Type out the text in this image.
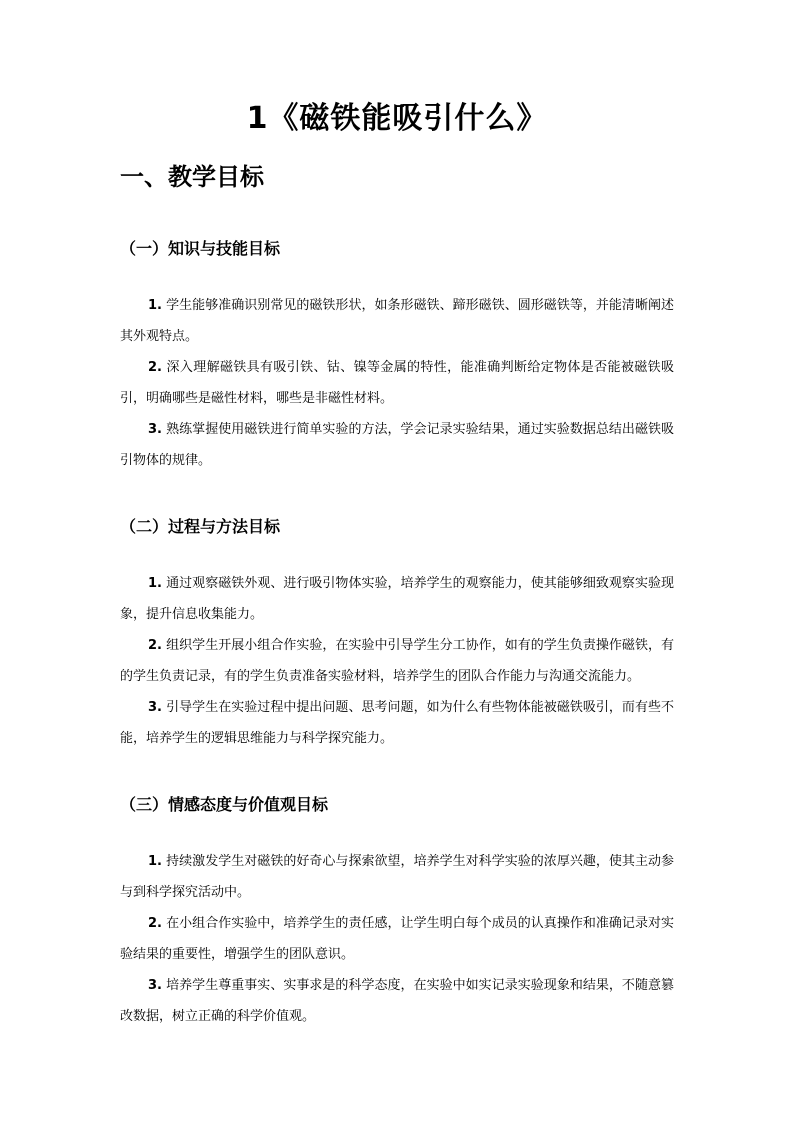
1《磁铁能吸引什么》
一、教学目标
（一）知识与技能目标

1. 学生能够准确识别常见的磁铁形状，如条形磁铁、蹄形磁铁、圆形磁铁等，并能清晰阐述其外观特点。

2. 深入理解磁铁具有吸引铁、钴、镍等金属的特性，能准确判断给定物体是否能被磁铁吸引，明确哪些是磁性材料，哪些是非磁性材料。

3. 熟练掌握使用磁铁进行简单实验的方法，学会记录实验结果，通过实验数据总结出磁铁吸引物体的规律。

（二）过程与方法目标

1. 通过观察磁铁外观、进行吸引物体实验，培养学生的观察能力，使其能够细致观察实验现象，提升信息收集能力。

2. 组织学生开展小组合作实验，在实验中引导学生分工协作，如有的学生负责操作磁铁，有的学生负责记录，有的学生负责准备实验材料，培养学生的团队合作能力与沟通交流能力。

3. 引导学生在实验过程中提出问题、思考问题，如为什么有些物体能被磁铁吸引，而有些不能，培养学生的逻辑思维能力与科学探究能力。

（三）情感态度与价值观目标

1. 持续激发学生对磁铁的好奇心与探索欲望，培养学生对科学实验的浓厚兴趣，使其主动参与到科学探究活动中。

2. 在小组合作实验中，培养学生的责任感，让学生明白每个成员的认真操作和准确记录对实验结果的重要性，增强学生的团队意识。

3. 培养学生尊重事实、实事求是的科学态度，在实验中如实记录实验现象和结果，不随意篡改数据，树立正确的科学价值观。
